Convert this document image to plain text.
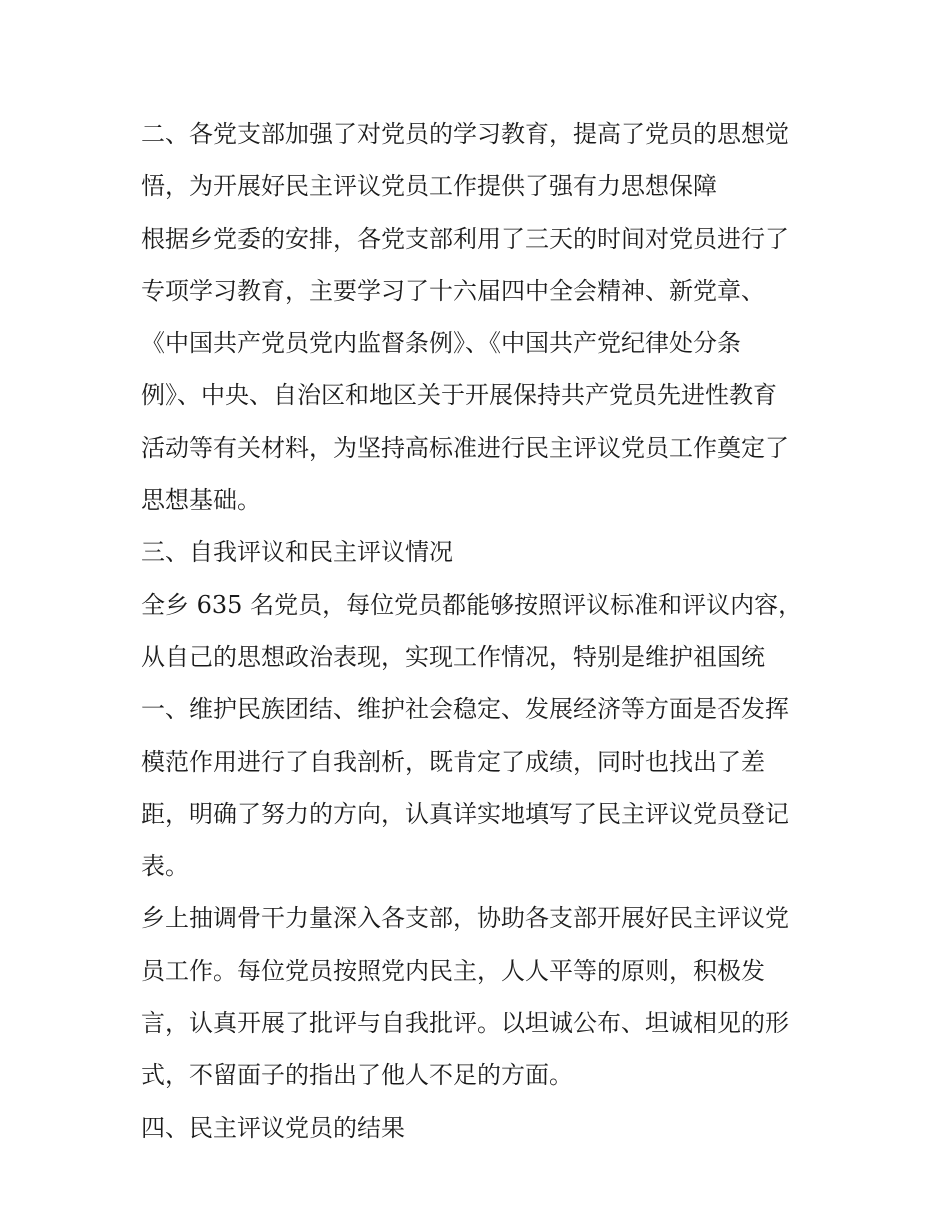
二、各党支部加强了对党员的学习教育，提高了党员的思想觉

悟，为开展好民主评议党员工作提供了强有力思想保障

根据乡党委的安排，各党支部利用了三天的时间对党员进行了

专项学习教育，主要学习了十六届四中全会精神、新党章、

《中国共产党员党内监督条例》、《中国共产党纪律处分条

例》、中央、自治区和地区关于开展保持共产党员先进性教育

活动等有关材料，为坚持高标准进行民主评议党员工作奠定了

思想基础。

三、自我评议和民主评议情况

全乡 635 名党员，每位党员都能够按照评议标准和评议内容，

从自己的思想政治表现，实现工作情况，特别是维护祖国统

一、维护民族团结、维护社会稳定、发展经济等方面是否发挥

模范作用进行了自我剖析，既肯定了成绩，同时也找出了差

距，明确了努力的方向，认真详实地填写了民主评议党员登记

表。

乡上抽调骨干力量深入各支部，协助各支部开展好民主评议党

员工作。每位党员按照党内民主，人人平等的原则，积极发

言，认真开展了批评与自我批评。以坦诚公布、坦诚相见的形

式，不留面子的指出了他人不足的方面。

四、民主评议党员的结果
